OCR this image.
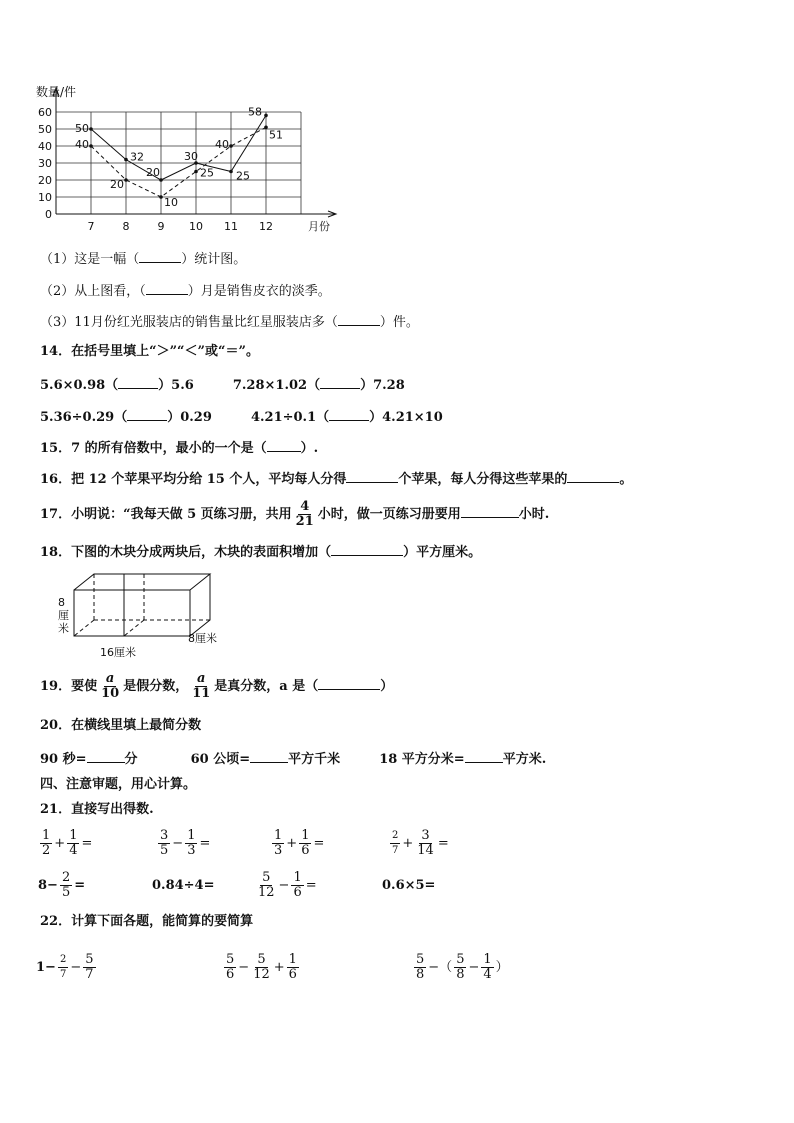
0
10
20
30
40
50
60
7	8	9 10 11 12
数量/件
月份
50
32
20
30
25
58
40
20
10
25
40
51
（1）这是一幅（	）统计图。
（2）从上图看，（	）月是销售皮衣的淡季。
（3）11月份红光服装店的销售量比红星服装店多（	）件。
14．在括号里填上“＞”“＜”或“＝”。
5.6×0.98（	）5.6	7.28×1.02（	）7.28
5.36÷0.29（	）0.29	4.21÷0.1（	）4.21×10
15．7 的所有倍数中，最小的一个是（	）.
16．把 12 个苹果平均分给 15 个人，平均每人分得	个苹果，每人分得这些苹果的	。
17．小明说：“我每天做 5 页练习册，共用 $\frac{4}{21}$ 小时，做一页练习册要用	小时.
18．下图的木块分成两块后，木块的表面积增加（	）平方厘米。
8
厘
米
8厘米
16厘米
19．要使 $\frac{a}{10}$ 是假分数， $\frac{a}{11}$ 是真分数，a 是（	）
20．在横线里填上最简分数
90 秒=	分	60 公顷=	平方千米	18 平方分米=	平方米.
四、注意审题，用心计算。
21．直接写出得数.
$\frac{1}{2} + \frac{1}{4}$ =	$\frac{3}{5} - \frac{1}{3}$ =	$\frac{1}{3} + \frac{1}{6}$ =	$\frac{2}{7} + \frac{3}{14}$ =
$8- \frac{2}{5}$ =	0.84÷4=	$\frac{5}{12} - \frac{1}{6}$ =	0.6×5=
22．计算下面各题，能简算的要简算
$1- \frac{2}{7} - \frac{5}{7}$	$\frac{5}{6} - \frac{5}{12} + \frac{1}{6}$	$\frac{5}{8}$ −（ $\frac{5}{8} - \frac{1}{4}$ ）
